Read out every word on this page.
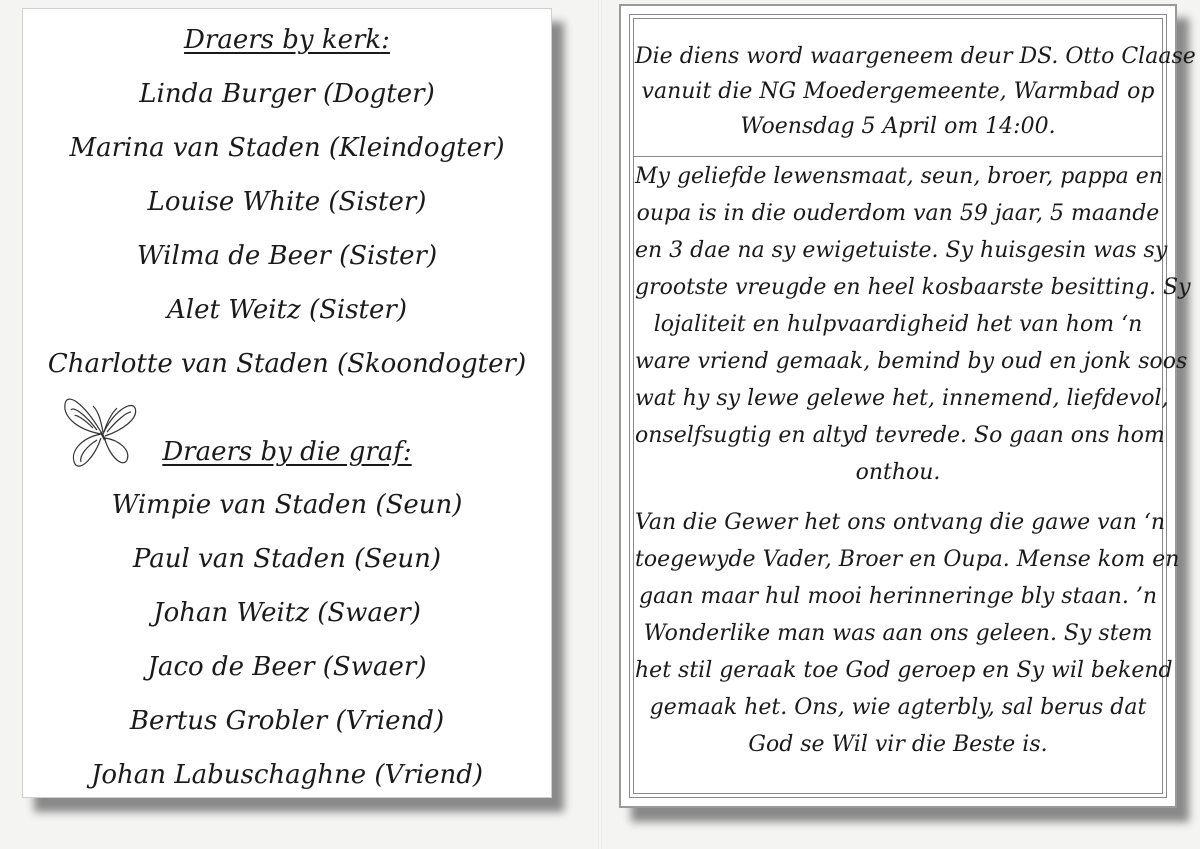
Draers by kerk:
Linda Burger (Dogter)
Marina van Staden (Kleindogter)
Louise White (Sister)
Wilma de Beer (Sister)
Alet Weitz (Sister)
Charlotte van Staden (Skoondogter)
Draers by die graf:
Wimpie van Staden (Seun)
Paul van Staden (Seun)
Johan Weitz (Swaer)
Jaco de Beer (Swaer)
Bertus Grobler (Vriend)
Johan Labuschaghne (Vriend)
Die diens word waargeneem deur DS. Otto Claase
vanuit die NG Moedergemeente, Warmbad op
Woensdag 5 April om 14:00.
My geliefde lewensmaat, seun, broer, pappa en
oupa is in die ouderdom van 59 jaar, 5 maande
en 3 dae na sy ewigetuiste. Sy huisgesin was sy
grootste vreugde en heel kosbaarste besitting. Sy
lojaliteit en hulpvaardigheid het van hom ‘n
ware vriend gemaak, bemind by oud en jonk soos
wat hy sy lewe gelewe het, innemend, liefdevol,
onselfsugtig en altyd tevrede. So gaan ons hom
onthou.
Van die Gewer het ons ontvang die gawe van ‘n
toegewyde Vader, Broer en Oupa. Mense kom en
gaan maar hul mooi herinneringe bly staan. ’n
Wonderlike man was aan ons geleen. Sy stem
het stil geraak toe God geroep en Sy wil bekend
gemaak het. Ons, wie agterbly, sal berus dat
God se Wil vir die Beste is.
